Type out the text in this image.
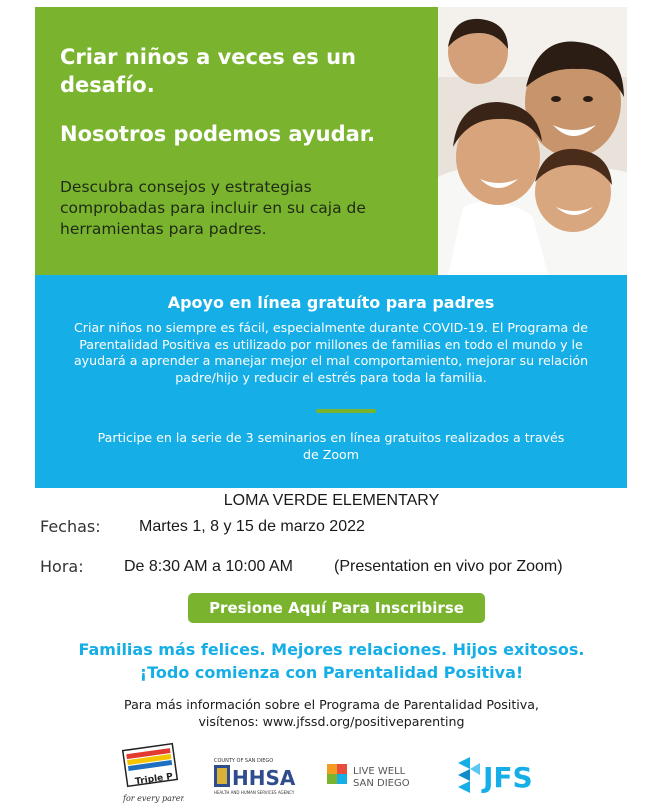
Criar niños a veces es un desafío.
Nosotros podemos ayudar.
Descubra consejos y estrategias comprobadas para incluir en su caja de herramientas para padres.
Apoyo en línea gratuíto para padres
Criar niños no siempre es fácil, especialmente durante COVID-19. El Programa de Parentalidad Positiva es utilizado por millones de familias en todo el mundo y le ayudará a aprender a manejar mejor el mal comportamiento, mejorar su relación padre/hijo y reducir el estrés para toda la familia.
Participe en la serie de 3 seminarios en línea gratuitos realizados a través de Zoom
LOMA VERDE ELEMENTARY
Fechas: Martes 1, 8 y 15 de marzo 2022
Hora:	De 8:30 AM a 10:00 AM	(Presentation en vivo por Zoom)
Presione Aquí Para Inscribirse
Familias más felices. Mejores relaciones. Hijos exitosos.
¡Todo comienza con Parentalidad Positiva!
Para más información sobre el Programa de Parentalidad Positiva,
visítenos: www.jfssd.org/positiveparenting
Triple P
for every parent
COUNTY OF SAN DIEGO
HHSA
HEALTH AND HUMAN SERVICES AGENCY
LIVE WELL
SAN DIEGO	JFS
